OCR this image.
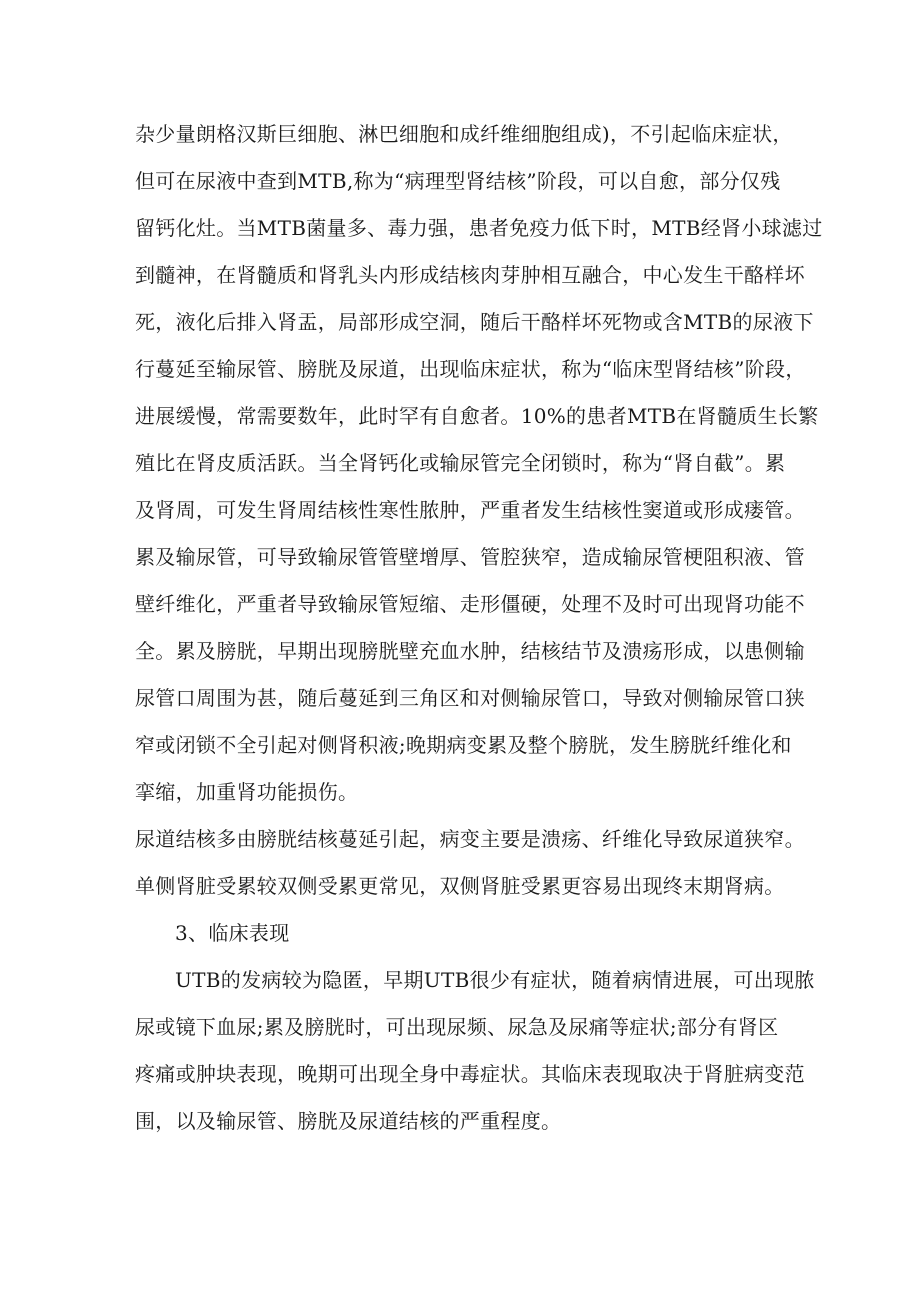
杂少量朗格汉斯巨细胞、淋巴细胞和成纤维细胞组成)，不引起临床症状，
但可在尿液中查到MTB,称为“病理型肾结核”阶段，可以自愈，部分仅残
留钙化灶。当MTB菌量多、毒力强，患者免疫力低下时，MTB经肾小球滤过
到髓神，在肾髓质和肾乳头内形成结核肉芽肿相互融合，中心发生干酪样坏
死，液化后排入肾盂，局部形成空洞，随后干酪样坏死物或含MTB的尿液下
行蔓延至输尿管、膀胱及尿道，出现临床症状，称为“临床型肾结核”阶段，
进展缓慢，常需要数年，此时罕有自愈者。10%的患者MTB在肾髓质生长繁
殖比在肾皮质活跃。当全肾钙化或输尿管完全闭锁时，称为“肾自截”。累
及肾周，可发生肾周结核性寒性脓肿，严重者发生结核性窦道或形成瘘管。
累及输尿管，可导致输尿管管壁增厚、管腔狭窄，造成输尿管梗阻积液、管
壁纤维化，严重者导致输尿管短缩、走形僵硬，处理不及时可出现肾功能不
全。累及膀胱，早期出现膀胱壁充血水肿，结核结节及溃疡形成，以患侧输
尿管口周围为甚，随后蔓延到三角区和对侧输尿管口，导致对侧输尿管口狭
窄或闭锁不全引起对侧肾积液;晚期病变累及整个膀胱，发生膀胱纤维化和
挛缩，加重肾功能损伤。
尿道结核多由膀胱结核蔓延引起，病变主要是溃疡、纤维化导致尿道狭窄。
单侧肾脏受累较双侧受累更常见，双侧肾脏受累更容易出现终末期肾病。
3、临床表现
UTB的发病较为隐匿，早期UTB很少有症状，随着病情进展，可出现脓
尿或镜下血尿;累及膀胱时，可出现尿频、尿急及尿痛等症状;部分有肾区
疼痛或肿块表现，晚期可出现全身中毒症状。其临床表现取决于肾脏病变范
围，以及输尿管、膀胱及尿道结核的严重程度。
